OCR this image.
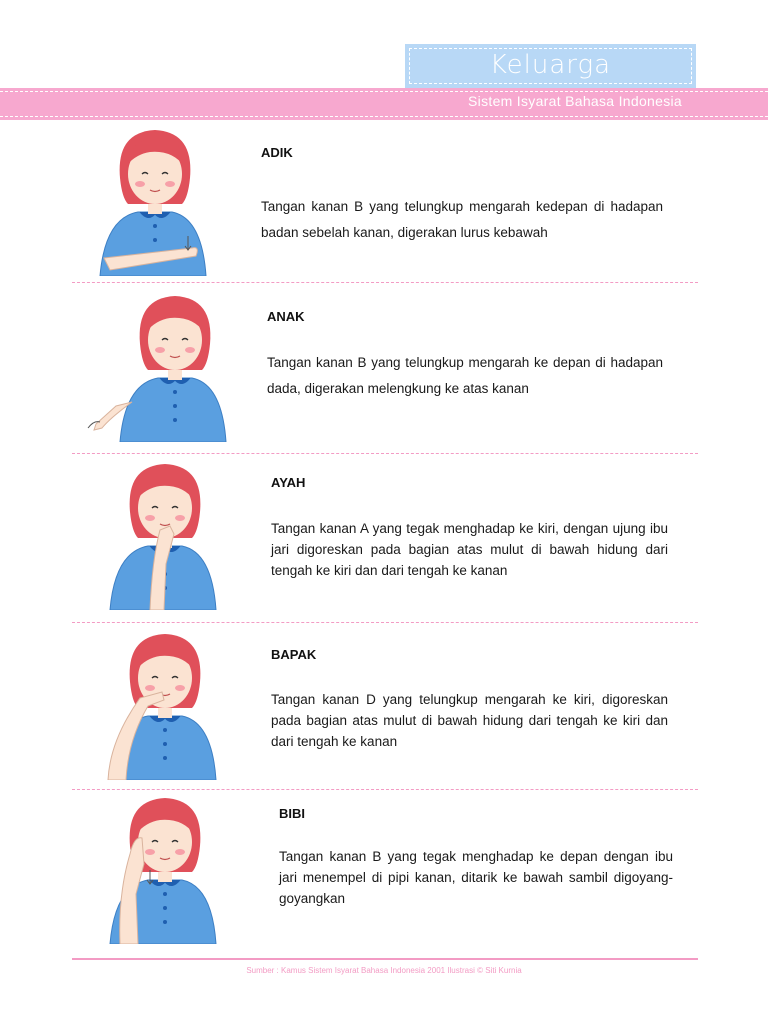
Keluarga
Sistem Isyarat Bahasa Indonesia
ADIK
Tangan kanan B yang telungkup mengarah kedepan di hadapan badan sebelah kanan, digerakan lurus kebawah
ANAK
Tangan kanan B yang telungkup mengarah ke depan di hadapan dada, digerakan melengkung ke atas kanan
AYAH
Tangan kanan A yang tegak menghadap ke kiri, dengan ujung ibu jari digoreskan pada bagian atas mulut di bawah hidung dari tengah ke kiri dan dari tengah ke kanan
BAPAK
Tangan kanan D yang telungkup mengarah ke kiri, digoreskan pada bagian atas mulut di bawah hidung dari tengah ke kiri dan dari tengah ke kanan
BIBI
Tangan kanan B yang tegak menghadap ke depan dengan ibu jari menempel di pipi kanan, ditarik ke bawah sambil digoyang-goyangkan
Sumber : Kamus Sistem Isyarat Bahasa Indonesia 2001 Ilustrasi © Siti Kurnia
